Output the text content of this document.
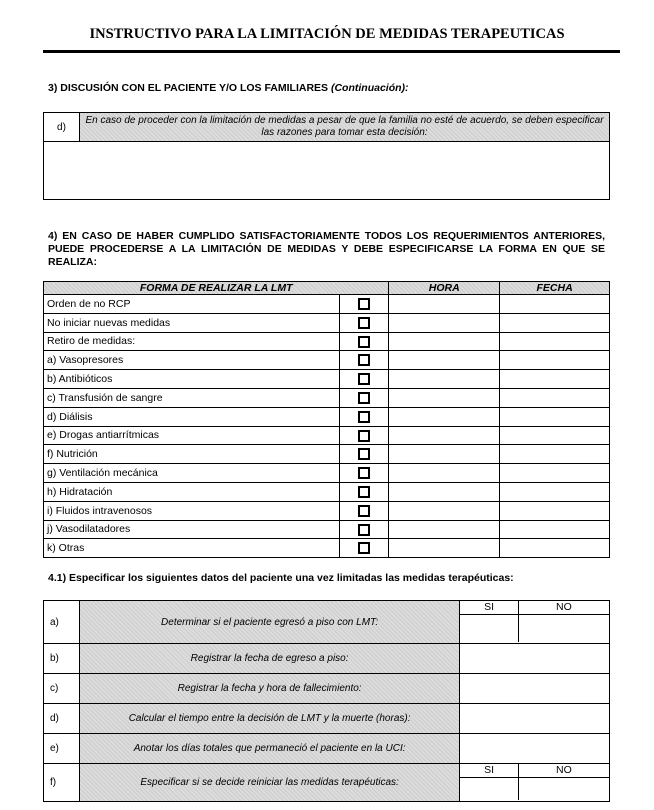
INSTRUCTIVO PARA LA LIMITACIÓN DE MEDIDAS TERAPEUTICAS
3) DISCUSIÓN CON EL PACIENTE Y/O LOS FAMILIARES (Continuación):
d)
En caso de proceder con la limitación de medidas a pesar de que la familia no esté de acuerdo, se deben especificar las razones para tomar esta decisión:
4) EN CASO DE HABER CUMPLIDO SATISFACTORIAMENTE TODOS LOS REQUERIMIENTOS ANTERIORES, PUEDE PROCEDERSE A LA LIMITACIÓN DE MEDIDAS Y DEBE ESPECIFICARSE LA FORMA EN QUE SE REALIZA:
FORMA DE REALIZAR LA LMT		HORA	FECHA
Orden de no RCP			
No iniciar nuevas medidas			
Retiro de medidas:			
a) Vasopresores			
b) Antibióticos			
c) Transfusión de sangre			
d) Diálisis			
e) Drogas antiarrítmicas			
f) Nutrición			
g) Ventilación mecánica			
h) Hidratación			
i) Fluidos intravenosos			
j) Vasodilatadores			
k) Otras			
4.1) Especificar los siguientes datos del paciente una vez limitadas las medidas terapéuticas:
a)	Determinar si el paciente egresó a piso con LMT:	
SI	NO

b)	Registrar la fecha de egreso a piso:	
c)	Registrar la fecha y hora de fallecimiento:	
d)	Calcular el tiempo entre la decisión de LMT y la muerte (horas):	
e)	Anotar los días totales que permaneció el paciente en la UCI:	
f)	Especificar si se decide reiniciar las medidas terapéuticas:	
SI	NO
